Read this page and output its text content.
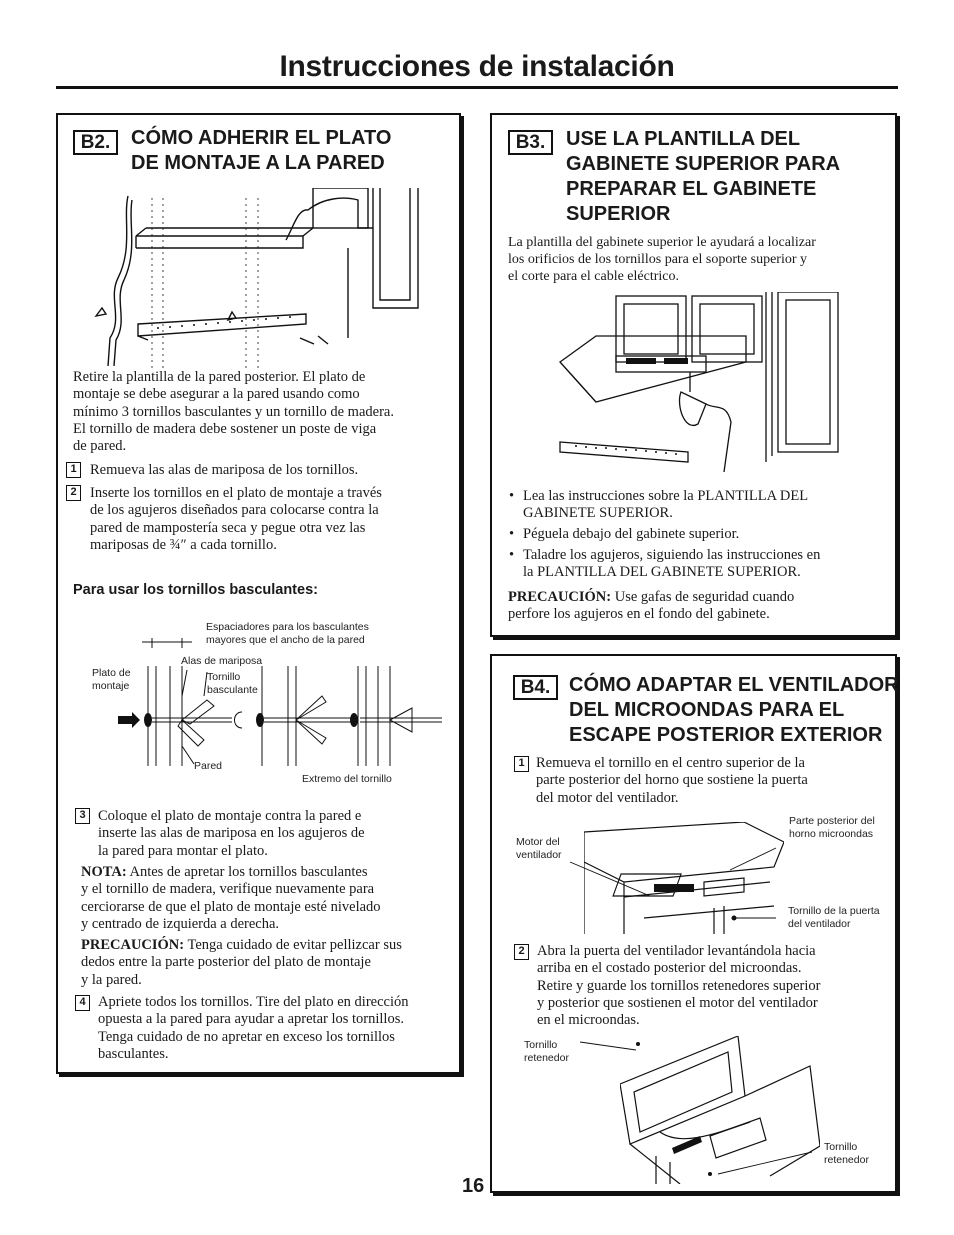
Instrucciones de instalación
B2.	CÓMO ADHERIR EL PLATO
DE MONTAJE A LA PARED
Retire la plantilla de la pared posterior. El plato de
montaje se debe asegurar a la pared usando como
mínimo 3 tornillos basculantes y un tornillo de madera.
El tornillo de madera debe sostener un poste de viga
de pared.
1 Remueva las alas de mariposa de los tornillos.
2 Inserte los tornillos en el plato de montaje a través
de los agujeros diseñados para colocarse contra la
pared de mampostería seca y pegue otra vez las
mariposas de ¾″ a cada tornillo.
Para usar los tornillos basculantes:
Espaciadores para los basculantes
mayores que el ancho de la pared
Alas de mariposa
Plato de
montaje
Tornillo
basculante
Pared
Extremo del tornillo
3 Coloque el plato de montaje contra la pared e
inserte las alas de mariposa en los agujeros de
la pared para montar el plato.
NOTA: Antes de apretar los tornillos basculantes
y el tornillo de madera, verifique nuevamente para
cerciorarse de que el plato de montaje esté nivelado
y centrado de izquierda a derecha.
PRECAUCIÓN: Tenga cuidado de evitar pellizcar sus
dedos entre la parte posterior del plato de montaje
y la pared.
4 Apriete todos los tornillos. Tire del plato en dirección
opuesta a la pared para ayudar a apretar los tornillos.
Tenga cuidado de no apretar en exceso los tornillos
basculantes.
B3.	USE LA PLANTILLA DEL
GABINETE SUPERIOR PARA
PREPARAR EL GABINETE
SUPERIOR
La plantilla del gabinete superior le ayudará a localizar
los orificios de los tornillos para el soporte superior y
el corte para el cable eléctrico.
• Lea las instrucciones sobre la PLANTILLA DEL
GABINETE SUPERIOR.
• Péguela debajo del gabinete superior.
• Taladre los agujeros, siguiendo las instrucciones en
la PLANTILLA DEL GABINETE SUPERIOR.
PRECAUCIÓN: Use gafas de seguridad cuando
perfore los agujeros en el fondo del gabinete.
B4. CÓMO ADAPTAR EL VENTILADOR
DEL MICROONDAS PARA EL
ESCAPE POSTERIOR EXTERIOR
1 Remueva el tornillo en el centro superior de la
parte posterior del horno que sostiene la puerta
del motor del ventilador.
Motor del
ventilador
Parte posterior del
horno microondas
Tornillo de la puerta
del ventilador
2 Abra la puerta del ventilador levantándola hacia
arriba en el costado posterior del microondas.
Retire y guarde los tornillos retenedores superior
y posterior que sostienen el motor del ventilador
en el microondas.
Tornillo
retenedor
Tornillo
retenedor
16
